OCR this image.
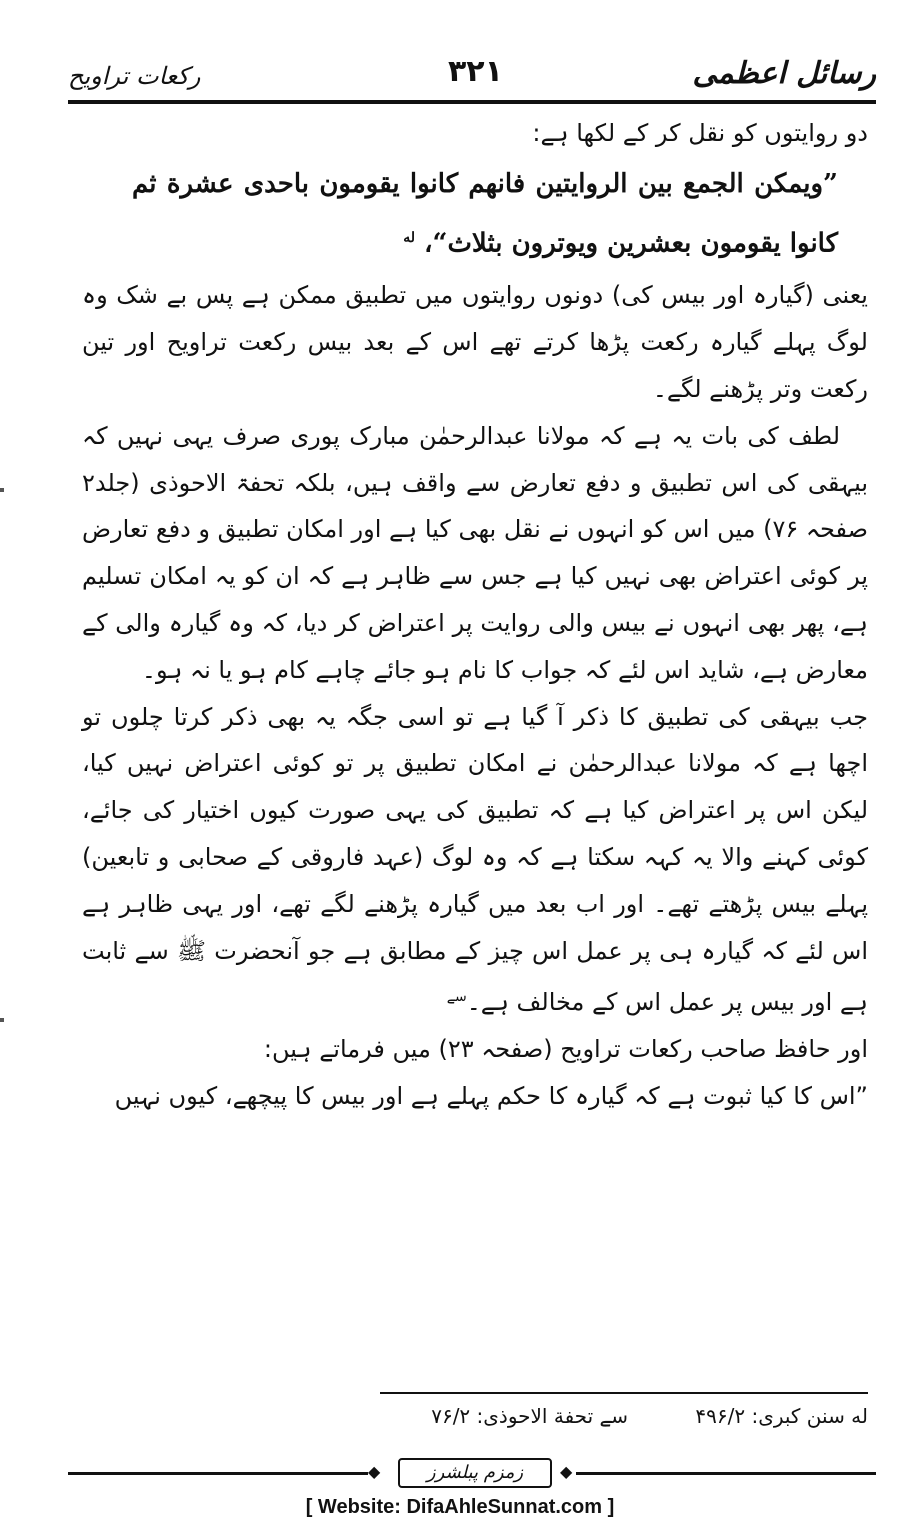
رسائل اعظمی
۳۲۱
رکعات تراویح

دو روایتوں کو نقل کر کے لکھا ہے:

”ويمكن الجمع بين الروايتين فانهم كانوا يقومون باحدى عشرة ثم كانوا يقومون بعشرين ويوترون بثلاث“، $^{له}$

یعنی (گیارہ اور بیس کی) دونوں روایتوں میں تطبیق ممکن ہے پس بے شک وہ لوگ پہلے گیارہ رکعت پڑھا کرتے تھے اس کے بعد بیس رکعت تراویح اور تین رکعت وتر پڑھنے لگے۔

لطف کی بات یہ ہے کہ مولانا عبدالرحمٰن مبارک پوری صرف یہی نہیں کہ بیہقی کی اس تطبیق و دفع تعارض سے واقف ہیں، بلکہ تحفۃ الاحوذی (جلد۲ صفحہ ۷۶) میں اس کو انہوں نے نقل بھی کیا ہے اور امکان تطبیق و دفع تعارض پر کوئی اعتراض بھی نہیں کیا ہے جس سے ظاہر ہے کہ ان کو یہ امکان تسلیم ہے، پھر بھی انہوں نے بیس والی روایت پر اعتراض کر دیا، کہ وہ گیارہ والی کے معارض ہے، شاید اس لئے کہ جواب کا نام ہو جائے چاہے کام ہو یا نہ ہو۔

جب بیہقی کی تطبیق کا ذکر آ گیا ہے تو اسی جگہ یہ بھی ذکر کرتا چلوں تو اچھا ہے کہ مولانا عبدالرحمٰن نے امکان تطبیق پر تو کوئی اعتراض نہیں کیا، لیکن اس پر اعتراض کیا ہے کہ تطبیق کی یہی صورت کیوں اختیار کی جائے، کوئی کہنے والا یہ کہہ سکتا ہے کہ وہ لوگ (عہد فاروقی کے صحابی و تابعین) پہلے بیس پڑھتے تھے۔ اور اب بعد میں گیارہ پڑھنے لگے تھے، اور یہی ظاہر ہے اس لئے کہ گیارہ ہی پر عمل اس چیز کے مطابق ہے جو آنحضرت ﷺ سے ثابت ہے اور بیس پر عمل اس کے مخالف ہے۔$^{سے}$

اور حافظ صاحب رکعات تراویح (صفحہ ۲۳) میں فرماتے ہیں:

”اس کا کیا ثبوت ہے کہ گیارہ کا حکم پہلے ہے اور بیس کا پیچھے، کیوں نہیں

له سنن کبری: ۴۹۶/۲
سے تحفة الاحوذی: ۷۶/۲
◆	زمزم پبلشرز	◆
[ Website: DifaAhleSunnat.com ]
